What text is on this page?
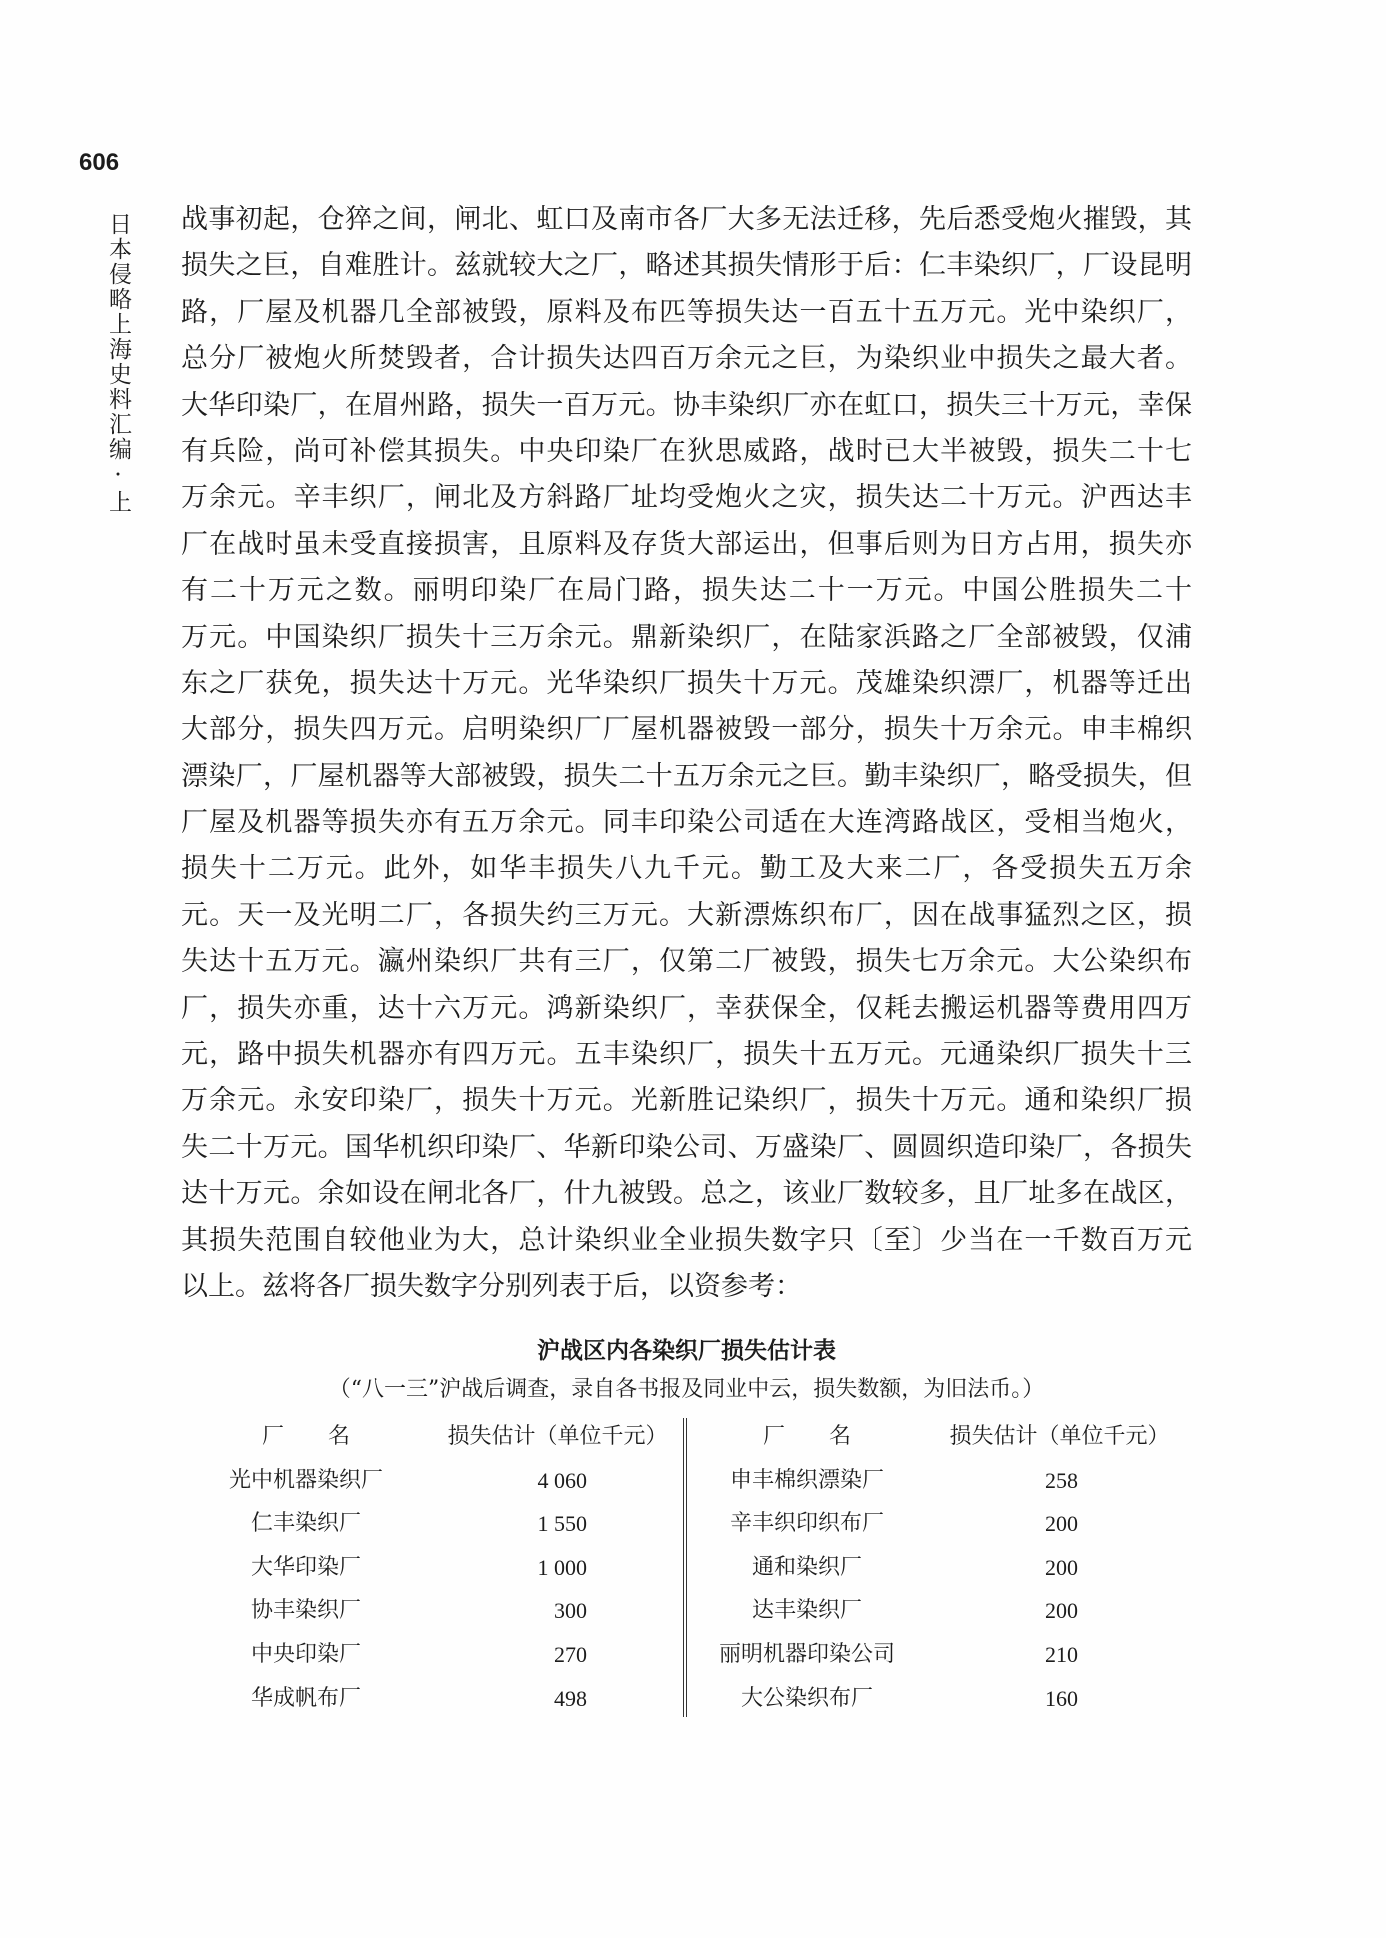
606
日本侵略上海史料汇编·上 战事初起，仓猝之间，闸北、虹口及南市各厂大多无法迁移，先后悉受炮火摧毁，其
损失之巨，自难胜计。兹就较大之厂，略述其损失情形于后：仁丰染织厂，厂设昆明
路，厂屋及机器几全部被毁，原料及布匹等损失达一百五十五万元。光中染织厂，
总分厂被炮火所焚毁者，合计损失达四百万余元之巨，为染织业中损失之最大者。
大华印染厂，在眉州路，损失一百万元。协丰染织厂亦在虹口，损失三十万元，幸保
有兵险，尚可补偿其损失。中央印染厂在狄思威路，战时已大半被毁，损失二十七
万余元。辛丰织厂，闸北及方斜路厂址均受炮火之灾，损失达二十万元。沪西达丰
厂在战时虽未受直接损害，且原料及存货大部运出，但事后则为日方占用，损失亦
有二十万元之数。丽明印染厂在局门路，损失达二十一万元。中国公胜损失二十
万元。中国染织厂损失十三万余元。鼎新染织厂，在陆家浜路之厂全部被毁，仅浦
东之厂获免，损失达十万元。光华染织厂损失十万元。茂雄染织漂厂，机器等迁出
大部分，损失四万元。启明染织厂厂屋机器被毁一部分，损失十万余元。申丰棉织
漂染厂，厂屋机器等大部被毁，损失二十五万余元之巨。勤丰染织厂，略受损失，但
厂屋及机器等损失亦有五万余元。同丰印染公司适在大连湾路战区，受相当炮火，
损失十二万元。此外，如华丰损失八九千元。勤工及大来二厂，各受损失五万余
元。天一及光明二厂，各损失约三万元。大新漂炼织布厂，因在战事猛烈之区，损
失达十五万元。瀛州染织厂共有三厂，仅第二厂被毁，损失七万余元。大公染织布
厂，损失亦重，达十六万元。鸿新染织厂，幸获保全，仅耗去搬运机器等费用四万
元，路中损失机器亦有四万元。五丰染织厂，损失十五万元。元通染织厂损失十三
万余元。永安印染厂，损失十万元。光新胜记染织厂，损失十万元。通和染织厂损
失二十万元。国华机织印染厂、华新印染公司、万盛染厂、圆圆织造印染厂，各损失
达十万元。余如设在闸北各厂，什九被毁。总之，该业厂数较多，且厂址多在战区，
其损失范围自较他业为大，总计染织业全业损失数字只〔至〕少当在一千数百万元
以上。兹将各厂损失数字分别列表于后，以资参考：
沪战区内各染织厂损失估计表
（“八一三”沪战后调查，录自各书报及同业中云，损失数额，为旧法币。）
厂名	损失估计（单位千元）	厂名	损失估计（单位千元）
光中机器染织厂	4 060	申丰棉织漂染厂	258
仁丰染织厂	1 550	辛丰织印织布厂	200
大华印染厂	1 000	通和染织厂	200
协丰染织厂	300	达丰染织厂	200
中央印染厂	270	丽明机器印染公司	210
华成帆布厂	498	大公染织布厂	160
